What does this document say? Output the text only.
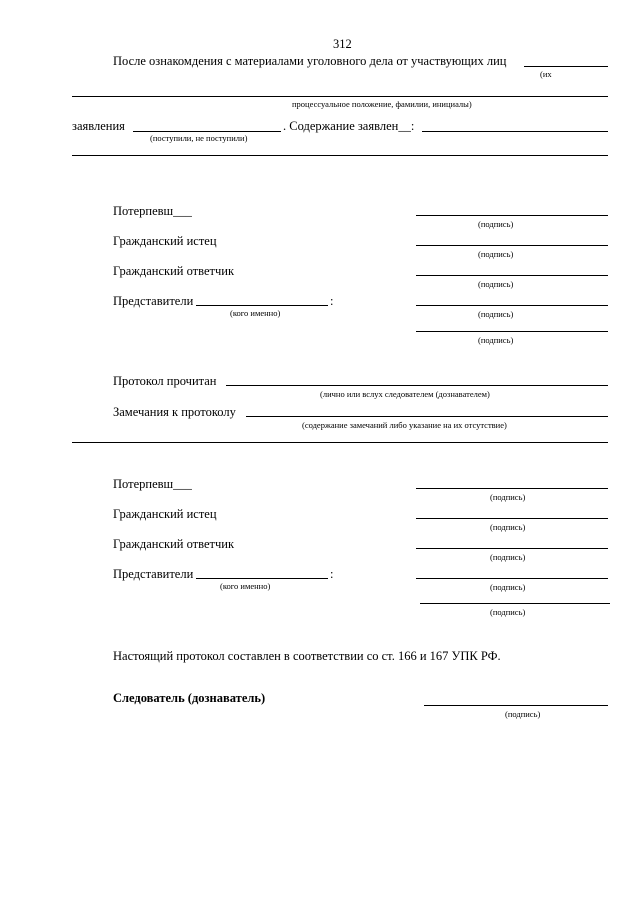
312
После ознакомдения с материалами уголовного дела от участвующих лиц
(их
процессуальное положение, фамилии, инициалы)
заявления	. Содержание заявлен__:
(поступили, не поступили)
Потерпевш___
(подпись)
Гражданский истец
(подпись)
Гражданский ответчик
(подпись)
Представители	:
(кого именно)	(подпись)
(подпись)
Протокол прочитан
(лично или вслух следователем (дознавателем)
Замечания к протоколу
(содержание замечаний либо указание на их отсутствие)
Потерпевш___
(подпись)
Гражданский истец
(подпись)
Гражданский ответчик
(подпись)
Представители	:
(кого именно)	(подпись)
(подпись)
Настоящий протокол составлен в соответствии со ст. 166 и 167 УПК РФ.
Следователь (дознаватель)
(подпись)
